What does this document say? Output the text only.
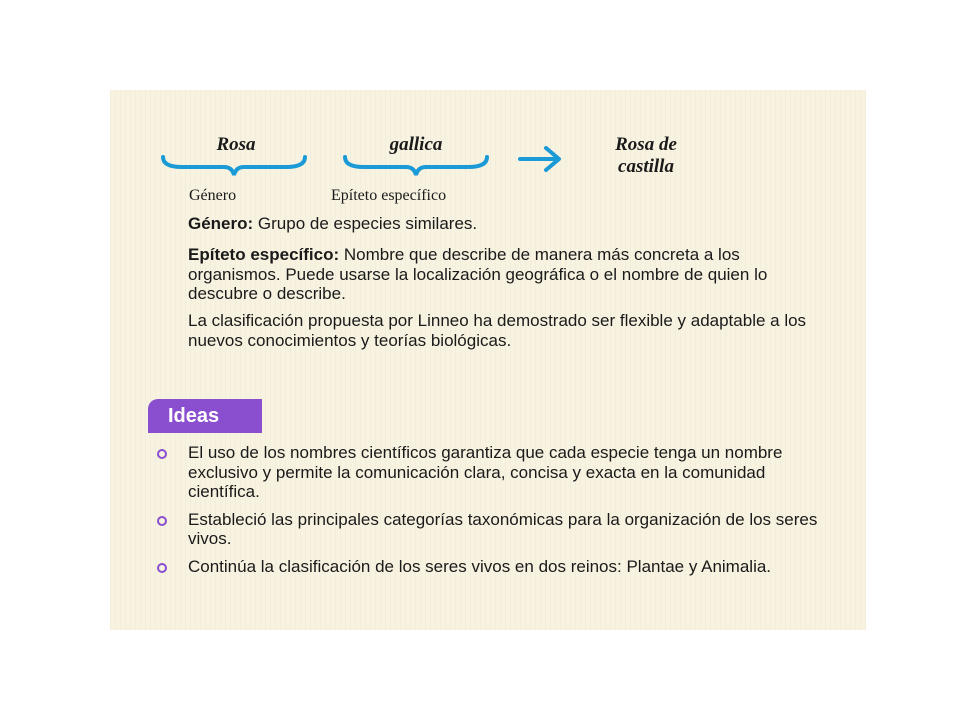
Rosa
Género
gallica
Epíteto específico
Rosa de
castilla
Género: Grupo de especies similares.
Epíteto específico: Nombre que describe de manera más concreta a los organismos. Puede usarse la localización geográfica o el nombre de quien lo descubre o describe.
La clasificación propuesta por Linneo ha demostrado ser flexible y adaptable a los nuevos conocimientos y teorías biológicas.
Ideas
El uso de los nombres científicos garantiza que cada especie tenga un nombre exclusivo y permite la comunicación clara, concisa y exacta en la comunidad científica.
Estableció las principales categorías taxonómicas para la organización de los seres vivos.
Continúa la clasificación de los seres vivos en dos reinos: Plantae y Animalia.
